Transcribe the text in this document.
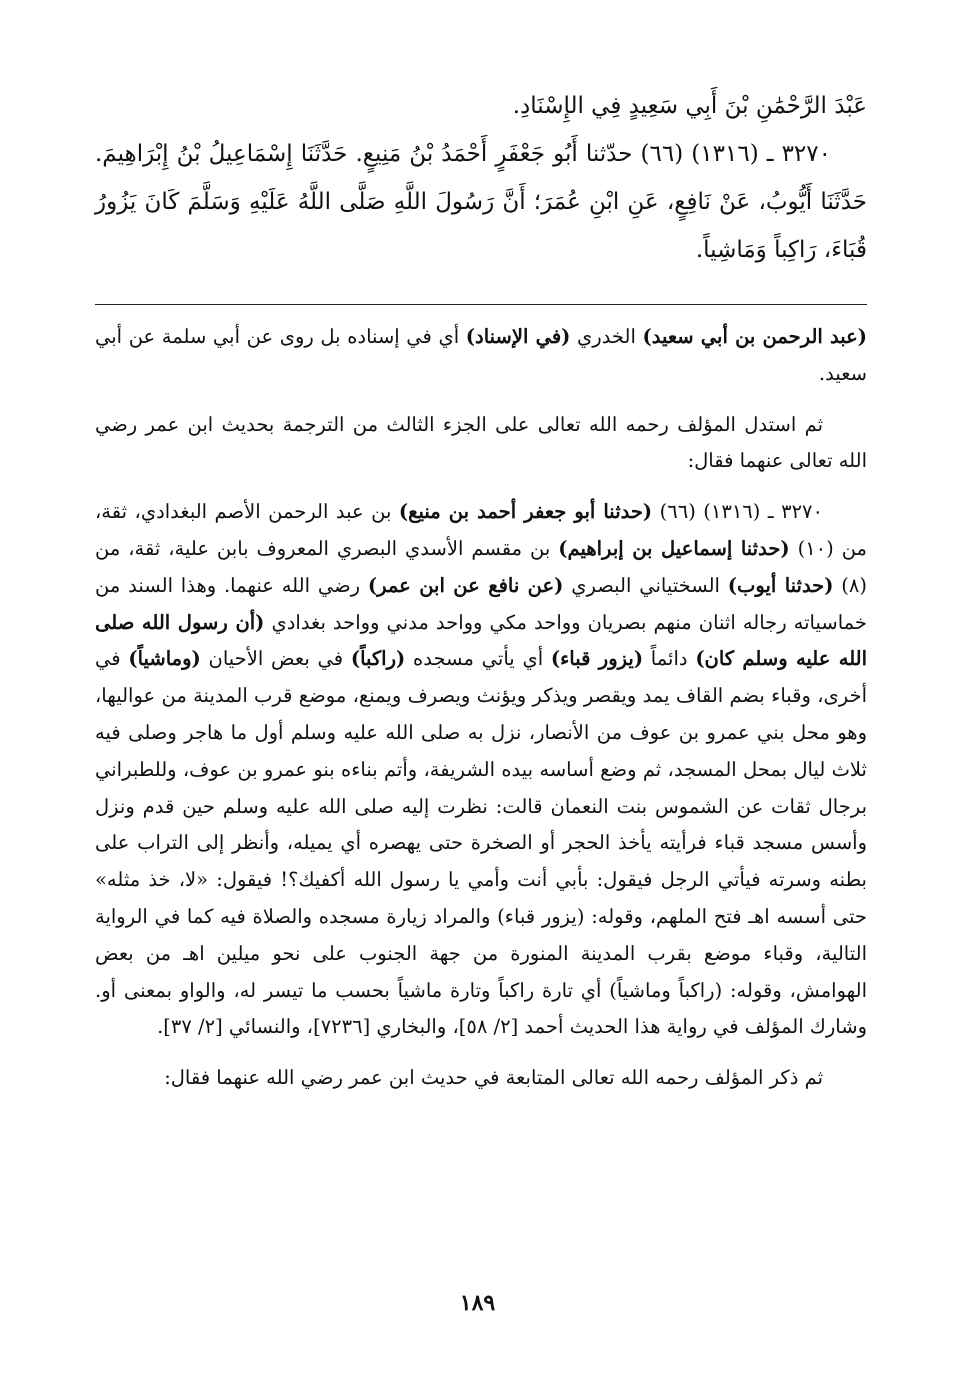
عَبْدَ الرَّحْمَٰنِ بْنَ أَبِي سَعِيدٍ فِي الإِسْنَادِ.

٣٢٧٠ ـ (١٣١٦) (٦٦) حدّثنا أَبُو جَعْفَرٍ أَحْمَدُ بْنُ مَنِيعٍ. حَدَّثَنَا إِسْمَاعِيلُ بْنُ إِبْرَاهِيمَ. حَدَّثَنَا أَيُّوبُ، عَنْ نَافِعٍ، عَنِ ابْنِ عُمَرَ؛ أَنَّ رَسُولَ اللَّهِ صَلَّى اللَّهُ عَلَيْهِ وَسَلَّمَ كَانَ يَزُورُ قُبَاءَ، رَاكِباً وَمَاشِياً.

(عبد الرحمن بن أبي سعيد) الخدري (في الإسناد) أي في إسناده بل روى عن أبي سلمة عن أبي سعيد.

ثم استدل المؤلف رحمه الله تعالى على الجزء الثالث من الترجمة بحديث ابن عمر رضي الله تعالى عنهما فقال:

٣٢٧٠ ـ (١٣١٦) (٦٦) (حدثنا أبو جعفر أحمد بن منيع) بن عبد الرحمن الأصم البغدادي، ثقة، من (١٠) (حدثنا إسماعيل بن إبراهيم) بن مقسم الأسدي البصري المعروف بابن علية، ثقة، من (٨) (حدثنا أيوب) السختياني البصري (عن نافع عن ابن عمر) رضي الله عنهما. وهذا السند من خماسياته رجاله اثنان منهم بصريان وواحد مكي وواحد مدني وواحد بغدادي (أن رسول الله صلى الله عليه وسلم كان) دائماً (يزور قباء) أي يأتي مسجده (راكباً) في بعض الأحيان (وماشياً) في أخرى، وقباء بضم القاف يمد ويقصر ويذكر ويؤنث ويصرف ويمنع، موضع قرب المدينة من عواليها، وهو محل بني عمرو بن عوف من الأنصار، نزل به صلى الله عليه وسلم أول ما هاجر وصلى فيه ثلاث ليال بمحل المسجد، ثم وضع أساسه بيده الشريفة، وأتم بناءه بنو عمرو بن عوف، وللطبراني برجال ثقات عن الشموس بنت النعمان قالت: نظرت إليه صلى الله عليه وسلم حين قدم ونزل وأسس مسجد قباء فرأيته يأخذ الحجر أو الصخرة حتى يهصره أي يميله، وأنظر إلى التراب على بطنه وسرته فيأتي الرجل فيقول: بأبي أنت وأمي يا رسول الله أكفيك؟! فيقول: «لا، خذ مثله» حتى أسسه اهـ فتح الملهم، وقوله: (يزور قباء) والمراد زيارة مسجده والصلاة فيه كما في الرواية التالية، وقباء موضع بقرب المدينة المنورة من جهة الجنوب على نحو ميلين اهـ من بعض الهوامش، وقوله: (راكباً وماشياً) أي تارة راكباً وتارة ماشياً بحسب ما تيسر له، والواو بمعنى أو. وشارك المؤلف في رواية هذا الحديث أحمد [٢/ ٥٨]، والبخاري [٧٢٣٦]، والنسائي [٢/ ٣٧].

ثم ذكر المؤلف رحمه الله تعالى المتابعة في حديث ابن عمر رضي الله عنهما فقال:

١٨٩
